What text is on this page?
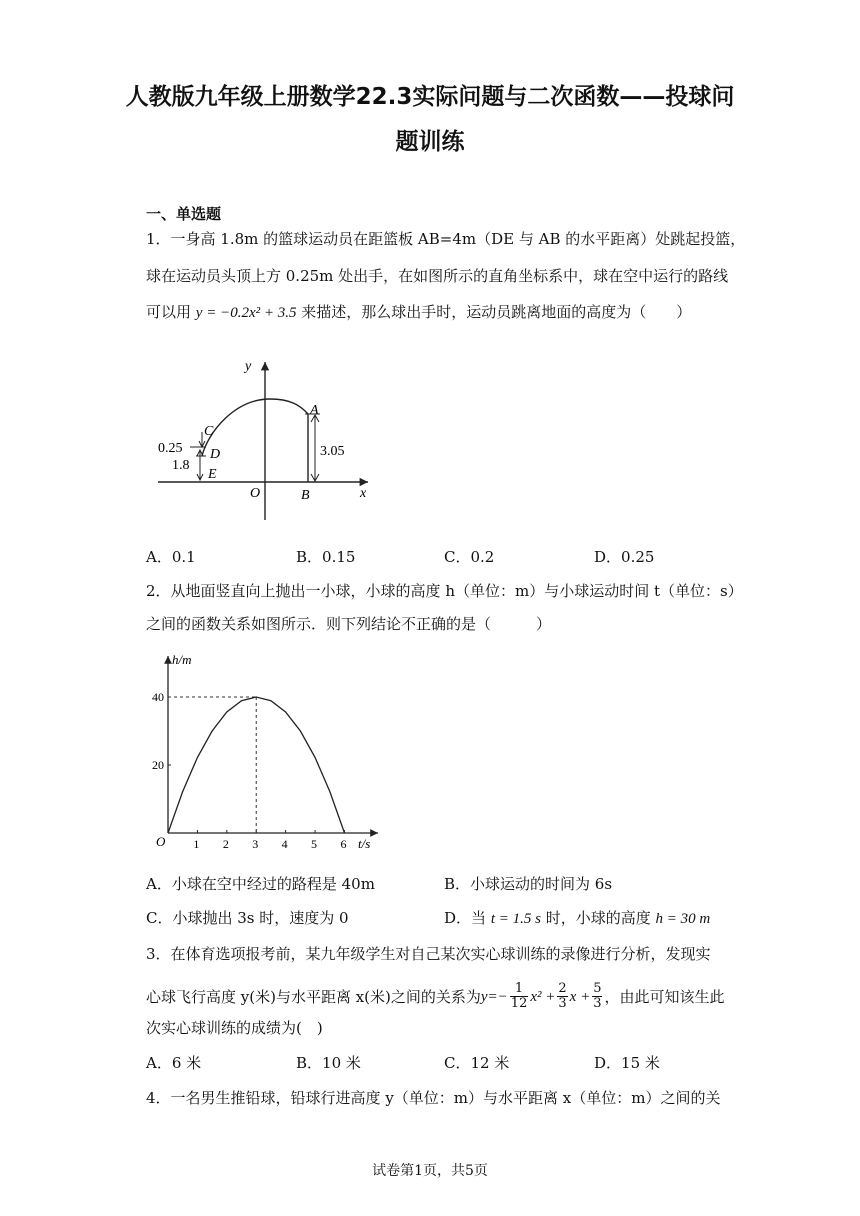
人教版九年级上册数学22.3实际问题与二次函数——投球问
题训练
一、单选题
1．一身高 1.8m 的篮球运动员在距篮板 AB=4m（DE 与 AB 的水平距离）处跳起投篮，
球在运动员头顶上方 0.25m 处出手，在如图所示的直角坐标系中，球在空中运行的路线
可以用 y = −0.2x² + 3.5 来描述，那么球出手时，运动员跳离地面的高度为（　　）
y
x
O
A
B
C
D
E
0.25
1.8
3.05
A．0.1	B．0.15	C．0.2	D．0.25
2．从地面竖直向上抛出一小球，小球的高度 h（单位：m）与小球运动时间 t（单位：s）
之间的函数关系如图所示．则下列结论不正确的是（　　　）
1 2 3 4 5 6
20
40
h/m
t/s
O
A．小球在空中经过的路程是 40m	B．小球运动的时间为 6s
C．小球抛出 3s 时，速度为 0	D．当 t = 1.5 s 时，小球的高度 h = 30 m
3．在体育选项报考前，某九年级学生对自己某次实心球训练的录像进行分析，发现实
心球飞行高度 y(米)与水平距离 x(米)之间的关系为 $y=- \frac{1}{12} x^2 + \frac{2}{3}$ $x + \frac{5}{3}$ ，由此可知该生此
次实心球训练的成绩为(　)
A．6 米	B．10 米	C．12 米	D．15 米
4．一名男生推铅球，铅球行进高度 y（单位：m）与水平距离 x（单位：m）之间的关
试卷第1页，共5页
